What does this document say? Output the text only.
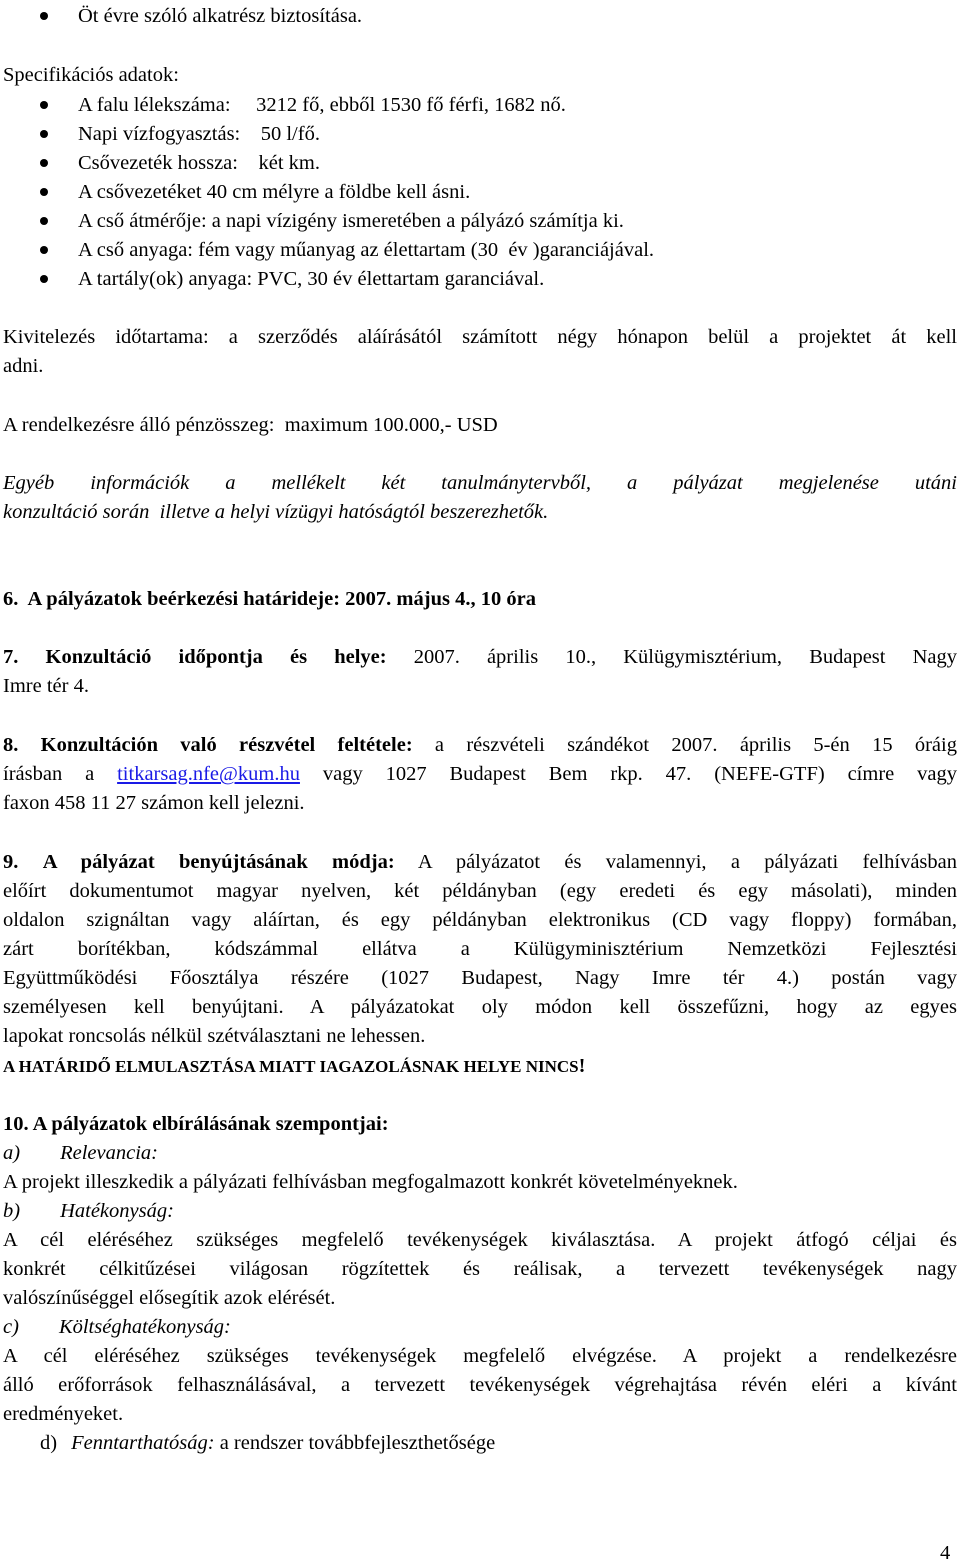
Öt évre szóló alkatrész biztosítása.
Specifikációs adatok:
A falu lélekszáma:     3212 fő, ebből 1530 fő férfi, 1682 nő.
Napi vízfogyasztás:    50 l/fő.
Csővezeték hossza:    két km.
A csővezetéket 40 cm mélyre a földbe kell ásni.
A cső átmérője: a napi vízigény ismeretében a pályázó számítja ki.
A cső anyaga: fém vagy műanyag az élettartam (30  év )garanciájával.
A tartály(ok) anyaga: PVC, 30 év élettartam garanciával.
Kivitelezés időtartama: a szerződés aláírásától számított négy hónapon belül a projektet át kell
adni.
A rendelkezésre álló pénzösszeg:  maximum 100.000,- USD
Egyéb információk a mellékelt két tanulmánytervből, a pályázat megjelenése utáni
konzultáció során  illetve a helyi vízügyi hatóságtól beszerezhetők.
6.  A pályázatok beérkezési határideje: 2007. május 4., 10 óra
7. Konzultáció időpontja és helye: 2007. április 10., Külügymisztérium, Budapest Nagy
Imre tér 4.
8. Konzultáción való részvétel feltétele: a részvételi szándékot 2007. április 5-én 15 óráig
írásban a titkarsag.nfe@kum.hu vagy 1027 Budapest Bem rkp. 47. (NEFE-GTF) címre vagy
faxon 458 11 27 számon kell jelezni.
9. A pályázat benyújtásának módja: A pályázatot és valamennyi, a pályázati felhívásban
előírt dokumentumot magyar nyelven, két példányban (egy eredeti és egy másolati), minden
oldalon szignáltan vagy aláírtan, és egy példányban elektronikus (CD vagy floppy) formában,
zárt borítékban, kódszámmal ellátva a Külügyminisztérium Nemzetközi Fejlesztési
Együttműködési Főosztálya részére (1027 Budapest, Nagy Imre tér 4.) postán vagy
személyesen kell benyújtani. A pályázatokat oly módon kell összefűzni, hogy az egyes
lapokat roncsolás nélkül szétválasztani ne lehessen.
A HATÁRIDŐ ELMULASZTÁSA MIATT IAGAZOLÁSNAK HELYE NINCS!
10. A pályázatok elbírálásának szempontjai:
a) Relevancia:
A projekt illeszkedik a pályázati felhívásban megfogalmazott konkrét követelményeknek.
b) Hatékonyság:
A cél eléréséhez szükséges megfelelő tevékenységek kiválasztása. A projekt átfogó céljai és
konkrét célkitűzései világosan rögzítettek és reálisak, a tervezett tevékenységek nagy
valószínűséggel elősegítik azok elérését.
c) Költséghatékonyság:
A cél eléréséhez szükséges tevékenységek megfelelő elvégzése. A projekt a rendelkezésre
álló erőforrások felhasználásával, a tervezett tevékenységek végrehajtása révén eléri a kívánt
eredményeket.
d) Fenntarthatóság: a rendszer továbbfejleszthetősége
4
